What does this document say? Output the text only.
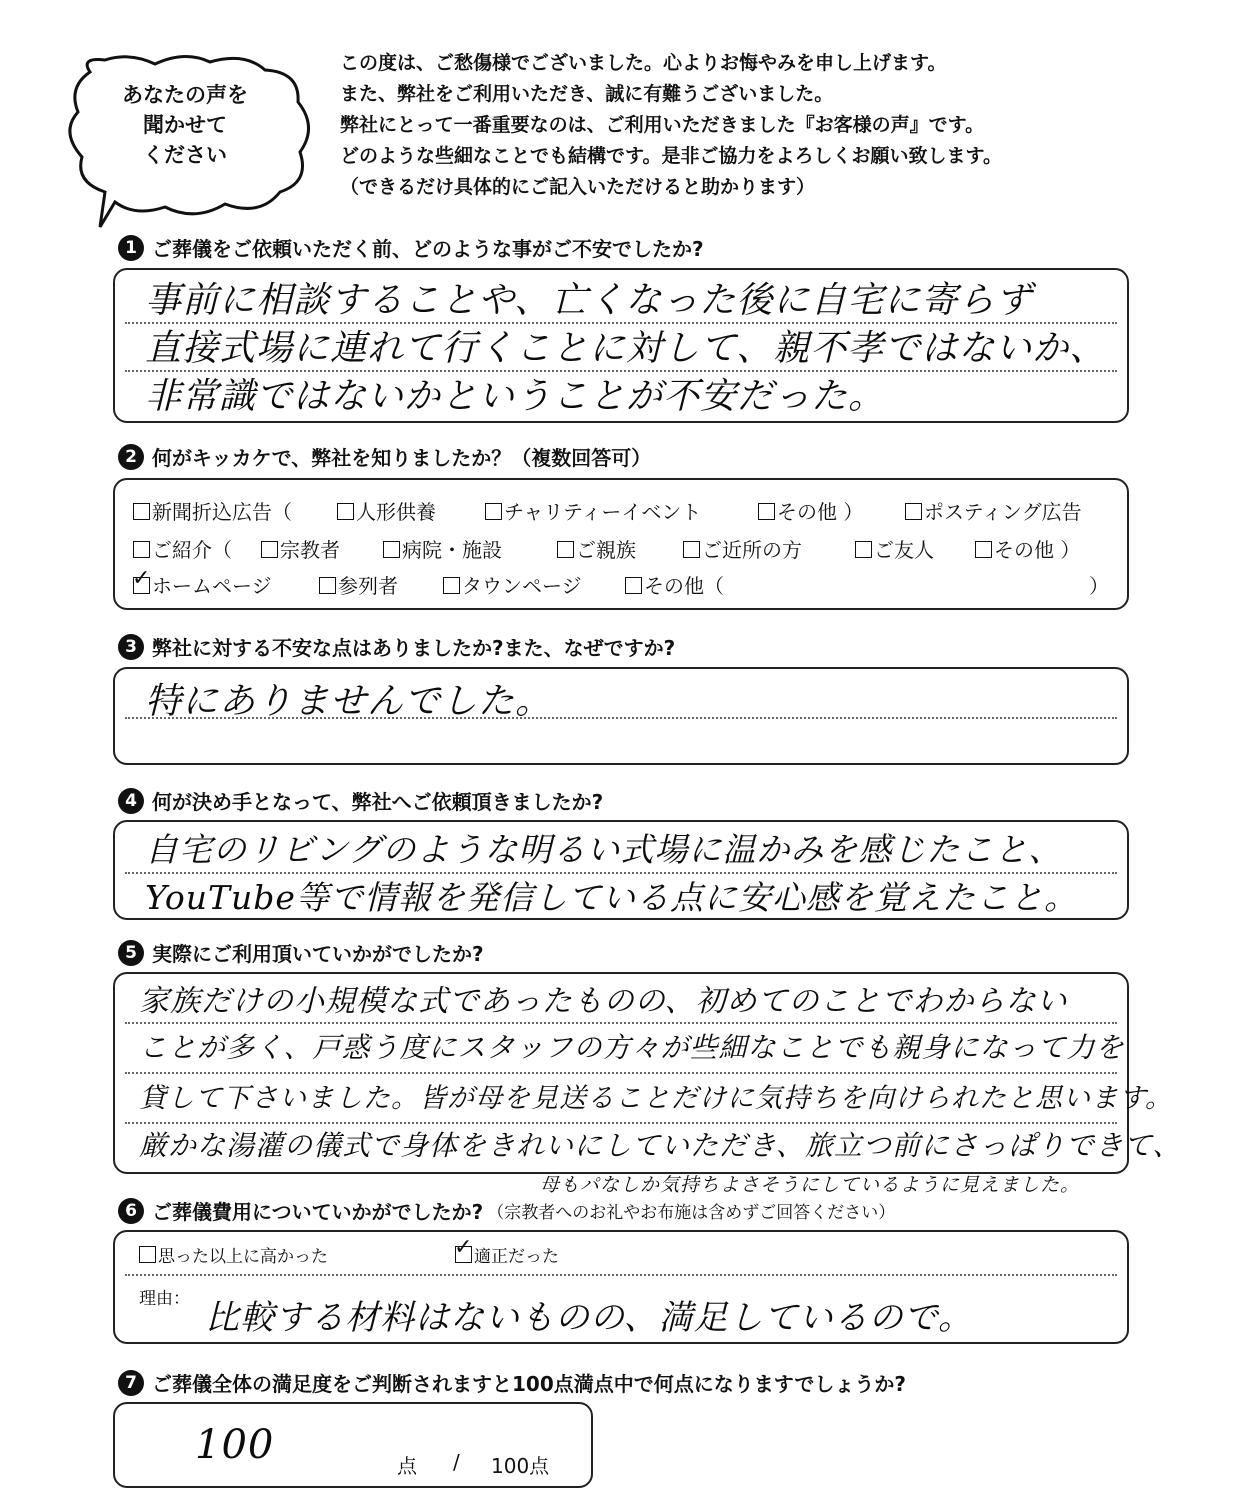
あなたの声を
聞かせて
ください
この度は、ご愁傷様でございました。心よりお悔やみを申し上げます。
また、弊社をご利用いただき、誠に有難うございました。
弊社にとって一番重要なのは、ご利用いただきました『お客様の声』です。
どのような些細なことでも結構です。是非ご協力をよろしくお願い致します。
（できるだけ具体的にご記入いただけると助かります）
1 ご葬儀をご依頼いただく前、どのような事がご不安でしたか?
事前に相談することや、亡くなった後に自宅に寄らず
直接式場に連れて行くことに対して、親不孝ではないか、
非常識ではないかということが不安だった。
2 何がキッカケで、弊社を知りましたか？（複数回答可）
新聞折込広告（	人形供養	チャリティーイベント	その他 ）	ポスティング広告
ご紹介（	宗教者	病院・施設	ご親族	ご近所の方	ご友人	その他 ）
✓ホームページ	参列者	タウンページ	その他（	）
3 弊社に対する不安な点はありましたか?また、なぜですか?
特にありませんでした。
4 何が決め手となって、弊社へご依頼頂きましたか?
自宅のリビングのような明るい式場に温かみを感じたこと、
YouTube等で情報を発信している点に安心感を覚えたこと。
5 実際にご利用頂いていかがでしたか?
家族だけの小規模な式であったものの、初めてのことでわからない
ことが多く、戸惑う度にスタッフの方々が些細なことでも親身になって力を
貸して下さいました。皆が母を見送ることだけに気持ちを向けられたと思います。
厳かな湯灌の儀式で身体をきれいにしていただき、旅立つ前にさっぱりできて、
母もパなしか気持ちよさそうにしているように見えました。
6 ご葬儀費用についていかがでしたか? （宗教者へのお礼やお布施は含めずご回答ください）
思った以上に高かった
✓	適正だった
理由： 比較する材料はないものの、満足しているので。
7 ご葬儀全体の満足度をご判断されますと100点満点中で何点になりますでしょうか?
100	点 / 100点
